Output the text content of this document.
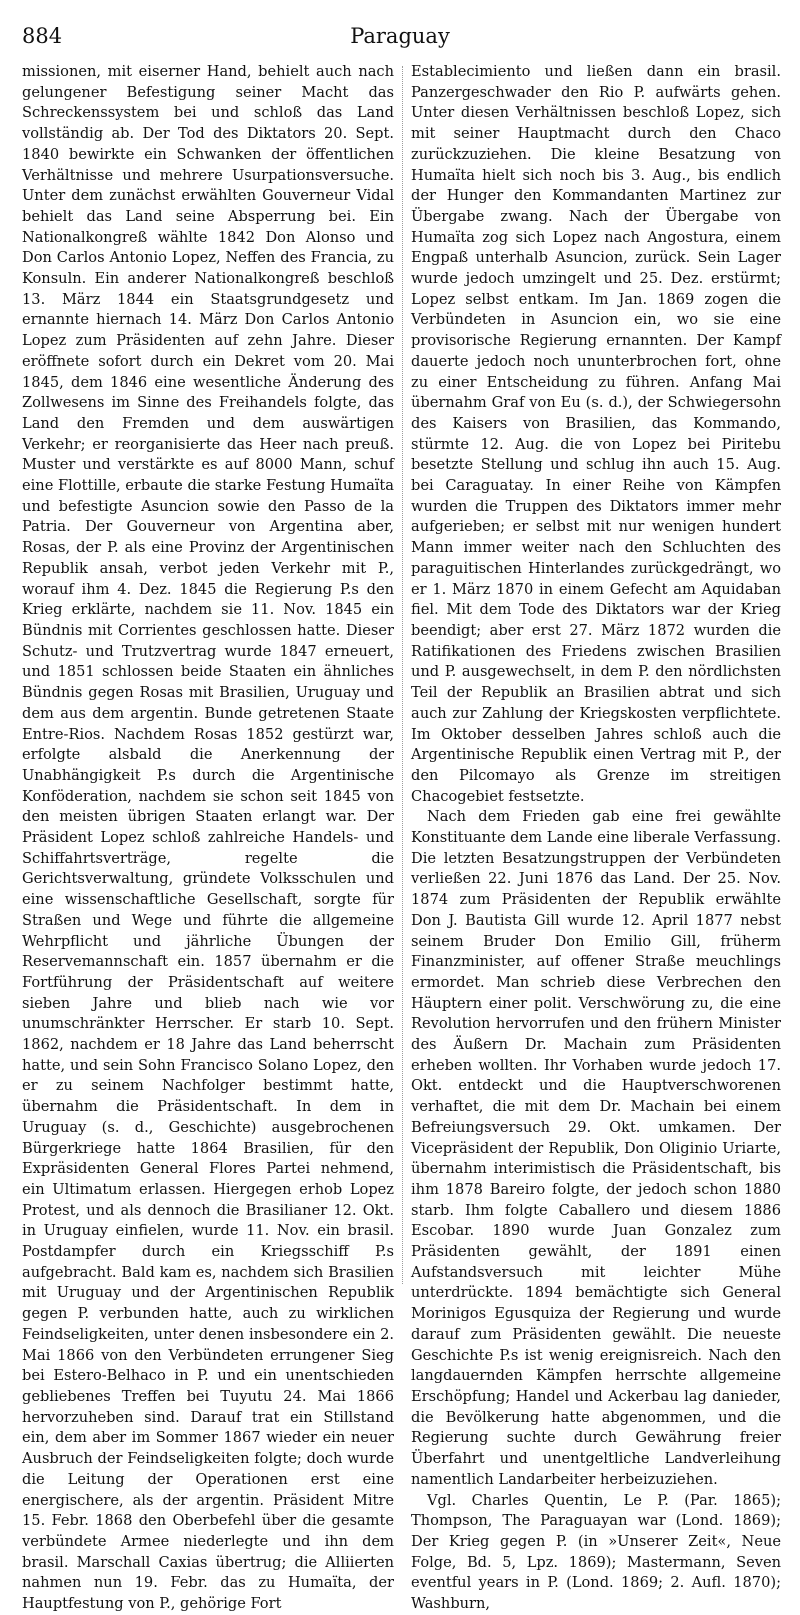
884	Paraguay

missionen, mit eiserner Hand, behielt auch nach gelungener Befestigung seiner Macht das Schreckenssystem bei und schloß das Land vollständig ab. Der Tod des Diktators 20. Sept. 1840 bewirkte ein Schwanken der öffentlichen Verhältnisse und mehrere Usurpationsversuche. Unter dem zunächst erwählten Gouverneur Vidal behielt das Land seine Absperrung bei. Ein Nationalkongreß wählte 1842 Don Alonso und Don Carlos Antonio Lopez, Neffen des Francia, zu Konsuln. Ein anderer Nationalkongreß beschloß 13. März 1844 ein Staatsgrundgesetz und ernannte hiernach 14. März Don Carlos Antonio Lopez zum Präsidenten auf zehn Jahre. Dieser eröffnete sofort durch ein Dekret vom 20. Mai 1845, dem 1846 eine wesentliche Änderung des Zollwesens im Sinne des Freihandels folgte, das Land den Fremden und dem auswärtigen Verkehr; er reorganisierte das Heer nach preuß. Muster und verstärkte es auf 8000 Mann, schuf eine Flottille, erbaute die starke Festung Humaïta und befestigte Asuncion sowie den Passo de la Patria. Der Gouverneur von Argentina aber, Rosas, der P. als eine Provinz der Argentinischen Republik ansah, verbot jeden Verkehr mit P., worauf ihm 4. Dez. 1845 die Regierung P.s den Krieg erklärte, nachdem sie 11. Nov. 1845 ein Bündnis mit Corrientes geschlossen hatte. Dieser Schutz- und Trutzvertrag wurde 1847 erneuert, und 1851 schlossen beide Staaten ein ähnliches Bündnis gegen Rosas mit Brasilien, Uruguay und dem aus dem argentin. Bunde getretenen Staate Entre-Rios. Nachdem Rosas 1852 gestürzt war, erfolgte alsbald die Anerkennung der Unabhängigkeit P.s durch die Argentinische Konföderation, nachdem sie schon seit 1845 von den meisten übrigen Staaten erlangt war. Der Präsident Lopez schloß zahlreiche Handels- und Schiffahrtsverträge, regelte die Gerichtsverwaltung, gründete Volksschulen und eine wissenschaftliche Gesellschaft, sorgte für Straßen und Wege und führte die allgemeine Wehrpflicht und jährliche Übungen der Reservemannschaft ein. 1857 übernahm er die Fortführung der Präsidentschaft auf weitere sieben Jahre und blieb nach wie vor unumschränkter Herrscher. Er starb 10. Sept. 1862, nachdem er 18 Jahre das Land beherrscht hatte, und sein Sohn Francisco Solano Lopez, den er zu seinem Nachfolger bestimmt hatte, übernahm die Präsidentschaft. In dem in Uruguay (s. d., Geschichte) ausgebrochenen Bürgerkriege hatte 1864 Brasilien, für den Expräsidenten General Flores Partei nehmend, ein Ultimatum erlassen. Hiergegen erhob Lopez Protest, und als dennoch die Brasilianer 12. Okt. in Uruguay einfielen, wurde 11. Nov. ein brasil. Postdampfer durch ein Kriegsschiff P.s aufgebracht. Bald kam es, nachdem sich Brasilien mit Uruguay und der Argentinischen Republik gegen P. verbunden hatte, auch zu wirklichen Feindseligkeiten, unter denen insbesondere ein 2. Mai 1866 von den Verbündeten errungener Sieg bei Estero-Belhaco in P. und ein unentschieden gebliebenes Treffen bei Tuyutu 24. Mai 1866 hervorzuheben sind. Darauf trat ein Stillstand ein, dem aber im Sommer 1867 wieder ein neuer Ausbruch der Feindseligkeiten folgte; doch wurde die Leitung der Operationen erst eine energischere, als der argentin. Präsident Mitre 15. Febr. 1868 den Oberbefehl über die gesamte verbündete Armee niederlegte und ihn dem brasil. Marschall Caxias übertrug; die Alliierten nahmen nun 19. Febr. das zu Humaïta, der Hauptfestung von P., gehörige Fort

Establecimiento und ließen dann ein brasil. Panzergeschwader den Rio P. aufwärts gehen. Unter diesen Verhältnissen beschloß Lopez, sich mit seiner Hauptmacht durch den Chaco zurückzuziehen. Die kleine Besatzung von Humaïta hielt sich noch bis 3. Aug., bis endlich der Hunger den Kommandanten Martinez zur Übergabe zwang. Nach der Übergabe von Humaïta zog sich Lopez nach Angostura, einem Engpaß unterhalb Asuncion, zurück. Sein Lager wurde jedoch umzingelt und 25. Dez. erstürmt; Lopez selbst entkam. Im Jan. 1869 zogen die Verbündeten in Asuncion ein, wo sie eine provisorische Regierung ernannten. Der Kampf dauerte jedoch noch ununterbrochen fort, ohne zu einer Entscheidung zu führen. Anfang Mai übernahm Graf von Eu (s. d.), der Schwiegersohn des Kaisers von Brasilien, das Kommando, stürmte 12. Aug. die von Lopez bei Piritebu besetzte Stellung und schlug ihn auch 15. Aug. bei Caraguatay. In einer Reihe von Kämpfen wurden die Truppen des Diktators immer mehr aufgerieben; er selbst mit nur wenigen hundert Mann immer weiter nach den Schluchten des paraguitischen Hinterlandes zurückgedrängt, wo er 1. März 1870 in einem Gefecht am Aquidaban fiel. Mit dem Tode des Diktators war der Krieg beendigt; aber erst 27. März 1872 wurden die Ratifikationen des Friedens zwischen Brasilien und P. ausgewechselt, in dem P. den nördlichsten Teil der Republik an Brasilien abtrat und sich auch zur Zahlung der Kriegskosten verpflichtete. Im Oktober desselben Jahres schloß auch die Argentinische Republik einen Vertrag mit P., der den Pilcomayo als Grenze im streitigen Chacogebiet festsetzte.

Nach dem Frieden gab eine frei gewählte Konstituante dem Lande eine liberale Verfassung. Die letzten Besatzungstruppen der Verbündeten verließen 22. Juni 1876 das Land. Der 25. Nov. 1874 zum Präsidenten der Republik erwählte Don J. Bautista Gill wurde 12. April 1877 nebst seinem Bruder Don Emilio Gill, früherm Finanzminister, auf offener Straße meuchlings ermordet. Man schrieb diese Verbrechen den Häuptern einer polit. Verschwörung zu, die eine Revolution hervorrufen und den frühern Minister des Äußern Dr. Machain zum Präsidenten erheben wollten. Ihr Vorhaben wurde jedoch 17. Okt. entdeckt und die Hauptverschworenen verhaftet, die mit dem Dr. Machain bei einem Befreiungsversuch 29. Okt. umkamen. Der Vicepräsident der Republik, Don Oliginio Uriarte, übernahm interimistisch die Präsidentschaft, bis ihm 1878 Bareiro folgte, der jedoch schon 1880 starb. Ihm folgte Caballero und diesem 1886 Escobar. 1890 wurde Juan Gonzalez zum Präsidenten gewählt, der 1891 einen Aufstandsversuch mit leichter Mühe unterdrückte. 1894 bemächtigte sich General Morinigos Egusquiza der Regierung und wurde darauf zum Präsidenten gewählt. Die neueste Geschichte P.s ist wenig ereignisreich. Nach den langdauernden Kämpfen herrschte allgemeine Erschöpfung; Handel und Ackerbau lag danieder, die Bevölkerung hatte abgenommen, und die Regierung suchte durch Gewährung freier Überfahrt und unentgeltliche Landverleihung namentlich Landarbeiter herbeizuziehen.

Vgl. Charles Quentin, Le P. (Par. 1865); Thompson, The Paraguayan war (Lond. 1869); Der Krieg gegen P. (in »Unserer Zeit«, Neue Folge, Bd. 5, Lpz. 1869); Mastermann, Seven eventful years in P. (Lond. 1869; 2. Aufl. 1870); Washburn,
